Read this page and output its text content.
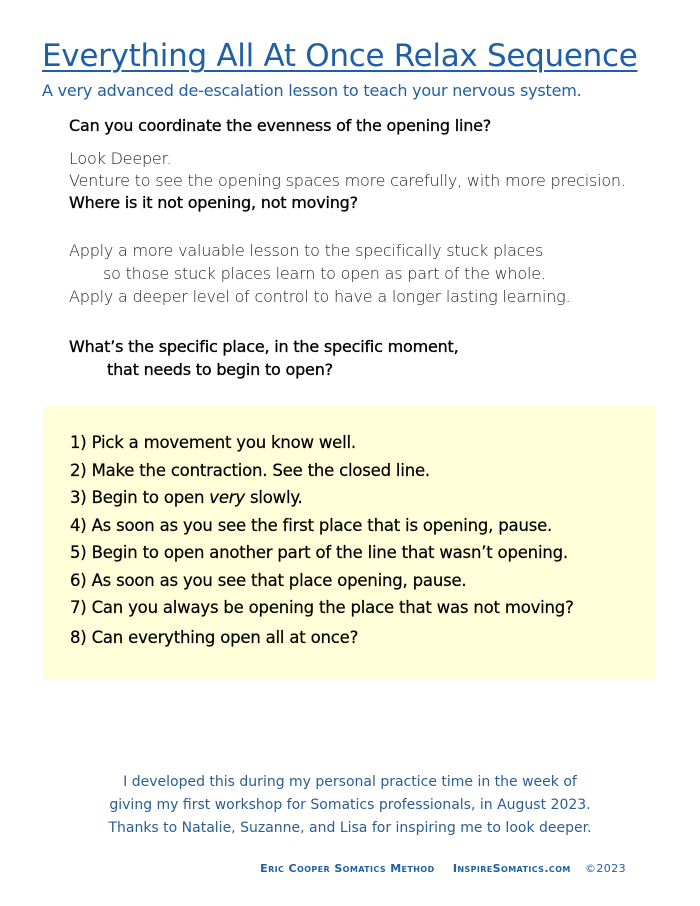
Everything All At Once Relax Sequence
A very advanced de-escalation lesson to teach your nervous system.
Can you coordinate the evenness of the opening line?
Look Deeper.
Venture to see the opening spaces more carefully, with more precision.
Where is it not opening, not moving?
Apply a more valuable lesson to the specifically stuck places
so those stuck places learn to open as part of the whole.
Apply a deeper level of control to have a longer lasting learning.
What’s the specific place, in the specific moment,
that needs to begin to open?
1) Pick a movement you know well.
2) Make the contraction. See the closed line.
3) Begin to open very slowly.
4) As soon as you see the first place that is opening, pause.
5) Begin to open another part of the line that wasn’t opening.
6) As soon as you see that place opening, pause.
7) Can you always be opening the place that was not moving?
8) Can everything open all at once?
I developed this during my personal practice time in the week of
giving my first workshop for Somatics professionals, in August 2023.
Thanks to Natalie, Suzanne, and Lisa for inspiring me to look deeper.
Eric Cooper Somatics Method InspireSomatics.com ©2023
